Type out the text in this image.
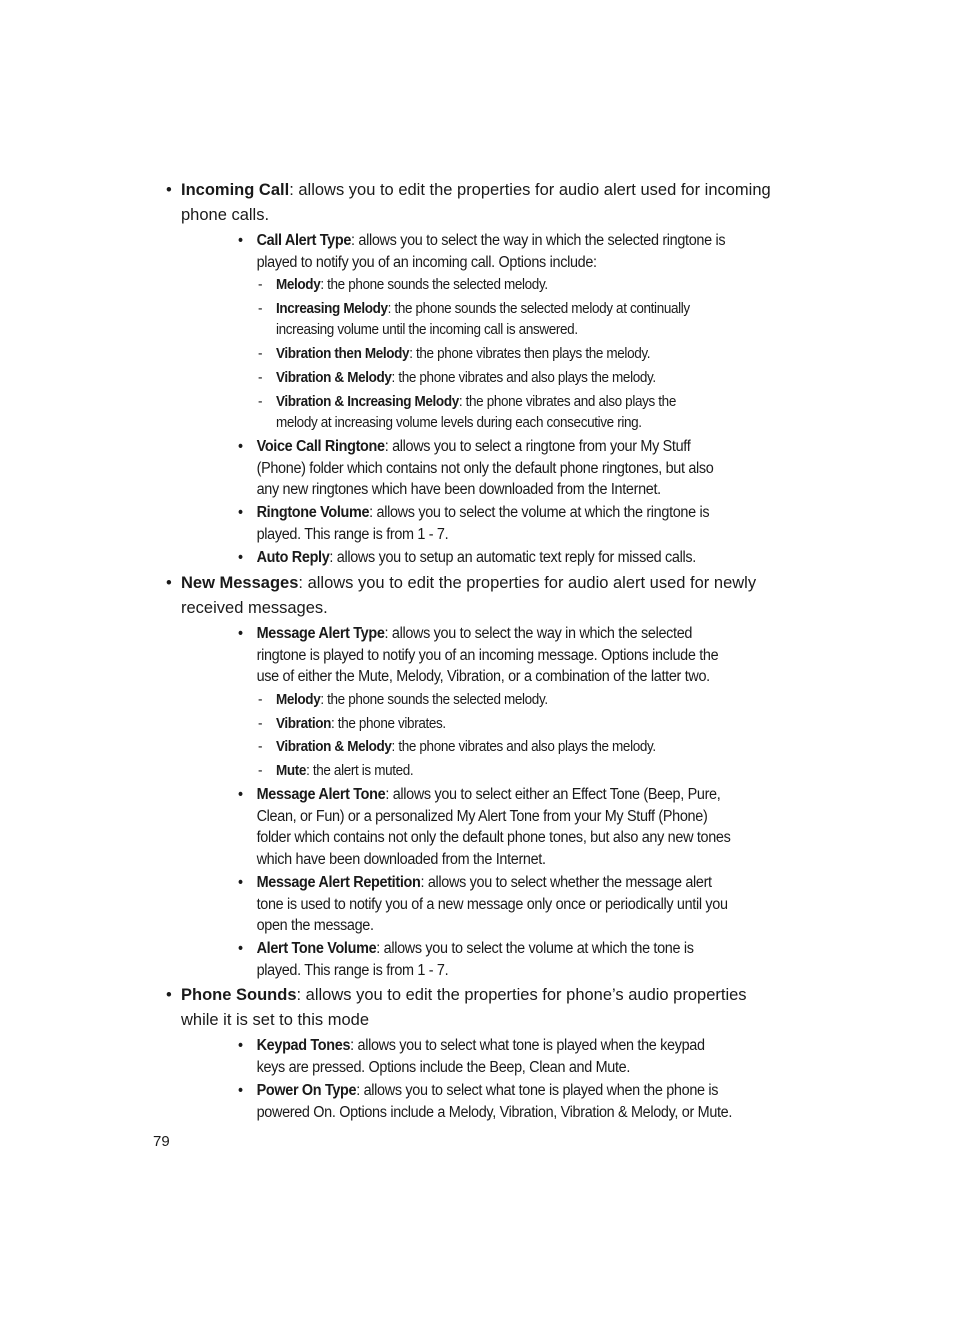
• Incoming Call: allows you to edit the properties for audio alert used for incoming phone calls.
• Call Alert Type: allows you to select the way in which the selected ringtone is played to notify you of an incoming call. Options include:
- Melody: the phone sounds the selected melody.
- Increasing Melody: the phone sounds the selected melody at continually increasing volume until the incoming call is answered.
- Vibration then Melody: the phone vibrates then plays the melody.
- Vibration & Melody: the phone vibrates and also plays the melody.
- Vibration & Increasing Melody: the phone vibrates and also plays the melody at increasing volume levels during each consecutive ring.
• Voice Call Ringtone: allows you to select a ringtone from your My Stuff (Phone) folder which contains not only the default phone ringtones, but also any new ringtones which have been downloaded from the Internet.
• Ringtone Volume: allows you to select the volume at which the ringtone is played. This range is from 1 - 7.
• Auto Reply: allows you to setup an automatic text reply for missed calls.
• New Messages: allows you to edit the properties for audio alert used for newly received messages.
• Message Alert Type: allows you to select the way in which the selected ringtone is played to notify you of an incoming message. Options include the use of either the Mute, Melody, Vibration, or a combination of the latter two.
- Melody: the phone sounds the selected melody.
- Vibration: the phone vibrates.
- Vibration & Melody: the phone vibrates and also plays the melody.
- Mute: the alert is muted.
• Message Alert Tone: allows you to select either an Effect Tone (Beep, Pure, Clean, or Fun) or a personalized My Alert Tone from your My Stuff (Phone) folder which contains not only the default phone tones, but also any new tones which have been downloaded from the Internet.
• Message Alert Repetition: allows you to select whether the message alert tone is used to notify you of a new message only once or periodically until you open the message.
• Alert Tone Volume: allows you to select the volume at which the tone is played. This range is from 1 - 7.
• Phone Sounds: allows you to edit the properties for phone’s audio properties while it is set to this mode
• Keypad Tones: allows you to select what tone is played when the keypad keys are pressed. Options include the Beep, Clean and Mute.
• Power On Type: allows you to select what tone is played when the phone is powered On. Options include a Melody, Vibration, Vibration & Melody, or Mute.
79
